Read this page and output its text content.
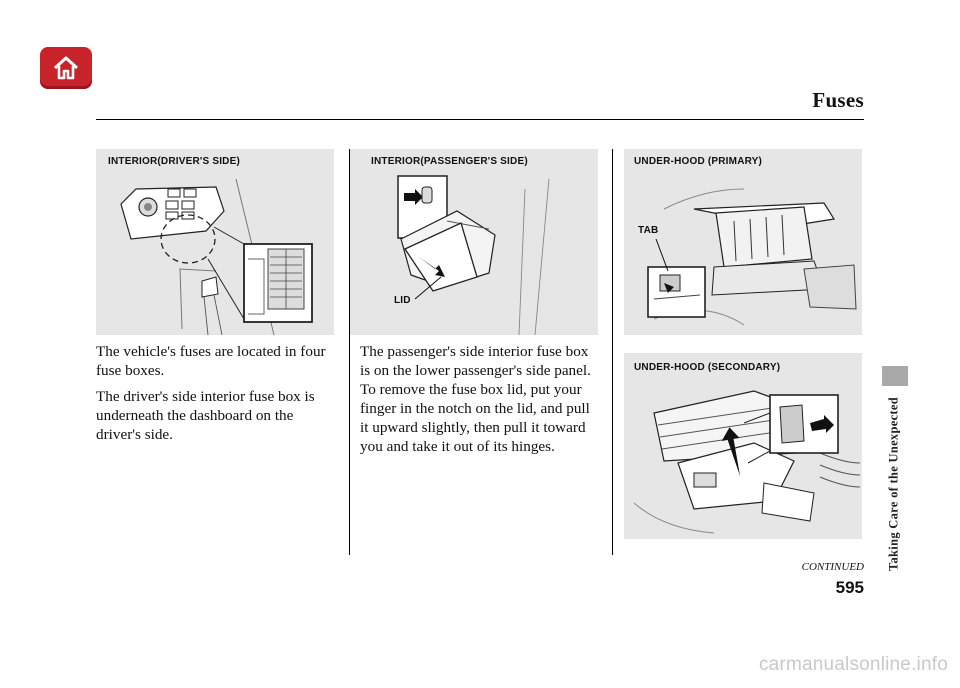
Fuses
INTERIOR(DRIVER'S SIDE)	INTERIOR(PASSENGER'S SIDE)
LID
UNDER-HOOD (PRIMARY)
TAB
UNDER-HOOD (SECONDARY)

The vehicle's fuses are located in four fuse boxes.

The driver's side interior fuse box is underneath the dashboard on the driver's side.

The passenger's side interior fuse box is on the lower passenger's side panel. To remove the fuse box lid, put your finger in the notch on the lid, and pull it upward slightly, then pull it toward you and take it out of its hinges.	Taking Care of the Unexpected
CONTINUED
595
carmanualsonline.info
